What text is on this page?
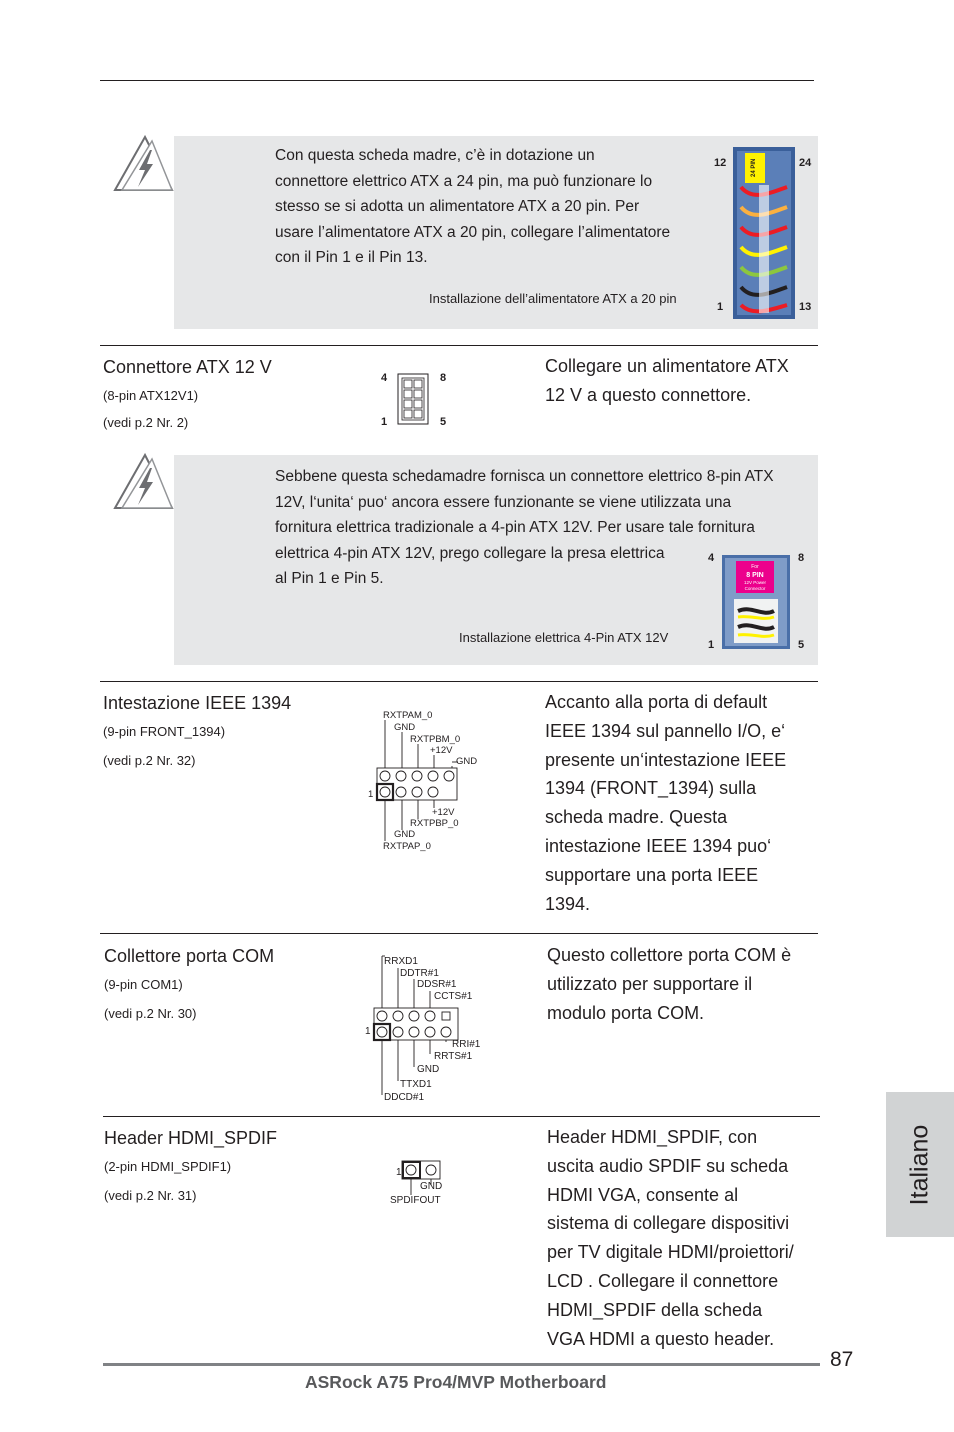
Con questa scheda madre, c’è in dotazione un
connettore elettrico ATX a 24 pin, ma può funzionare lo
stesso se si adotta un alimentatore ATX a 20 pin. Per
usare l’alimentatore ATX a 20 pin, collegare l’alimentatore
con il Pin 1 e il Pin 13.
Installazione dell’alimentatore ATX a 20 pin
12	24
1	13
24 PIN
Connettore ATX 12 V
(8-pin ATX12V1)
(vedi p.2 Nr. 2)
4	8
1	5
Collegare un alimentatore ATX
12 V a questo connettore.
Sebbene questa schedamadre fornisca un connettore elettrico 8-pin ATX
12V, l‘unita‘ puo‘ ancora essere funzionante se viene utilizzata una
fornitura elettrica tradizionale a 4-pin ATX 12V. Per usare tale fornitura
elettrica 4-pin ATX 12V, prego collegare la presa elettrica
al Pin 1 e Pin 5.
Installazione elettrica 4-Pin ATX 12V
4	8
1	5
For
8 PIN
12V Power
Connector
Intestazione IEEE 1394
(9-pin FRONT_1394)
(vedi p.2 Nr. 32)
RXTPAM_0
GND
RXTPBM_0
+12V
GND
1
+12V
RXTPBP_0
GND
RXTPAP_0
Accanto alla porta di default
IEEE 1394 sul pannello I/O, e‘
presente un‘intestazione IEEE
1394 (FRONT_1394) sulla
scheda madre. Questa
intestazione IEEE 1394 puo‘
supportare una porta IEEE
1394.
Collettore porta COM
(9-pin COM1)
(vedi p.2 Nr. 30)
RRXD1
DDTR#1
DDSR#1
CCTS#1
1
RRI#1
RRTS#1
GND
TTXD1
DDCD#1
Questo collettore porta COM è
utilizzato per supportare il
modulo porta COM.
Header HDMI_SPDIF
(2-pin HDMI_SPDIF1)
(vedi p.2 Nr. 31)
1
GND
SPDIFOUT
Header HDMI_SPDIF, con
uscita audio SPDIF su scheda
HDMI VGA, consente al
sistema di collegare dispositivi
per TV digitale HDMI/proiettori/
LCD . Collegare il connettore
HDMI_SPDIF della scheda
VGA HDMI a questo header.
Italiano
87
ASRock A75 Pro4/MVP Motherboard
